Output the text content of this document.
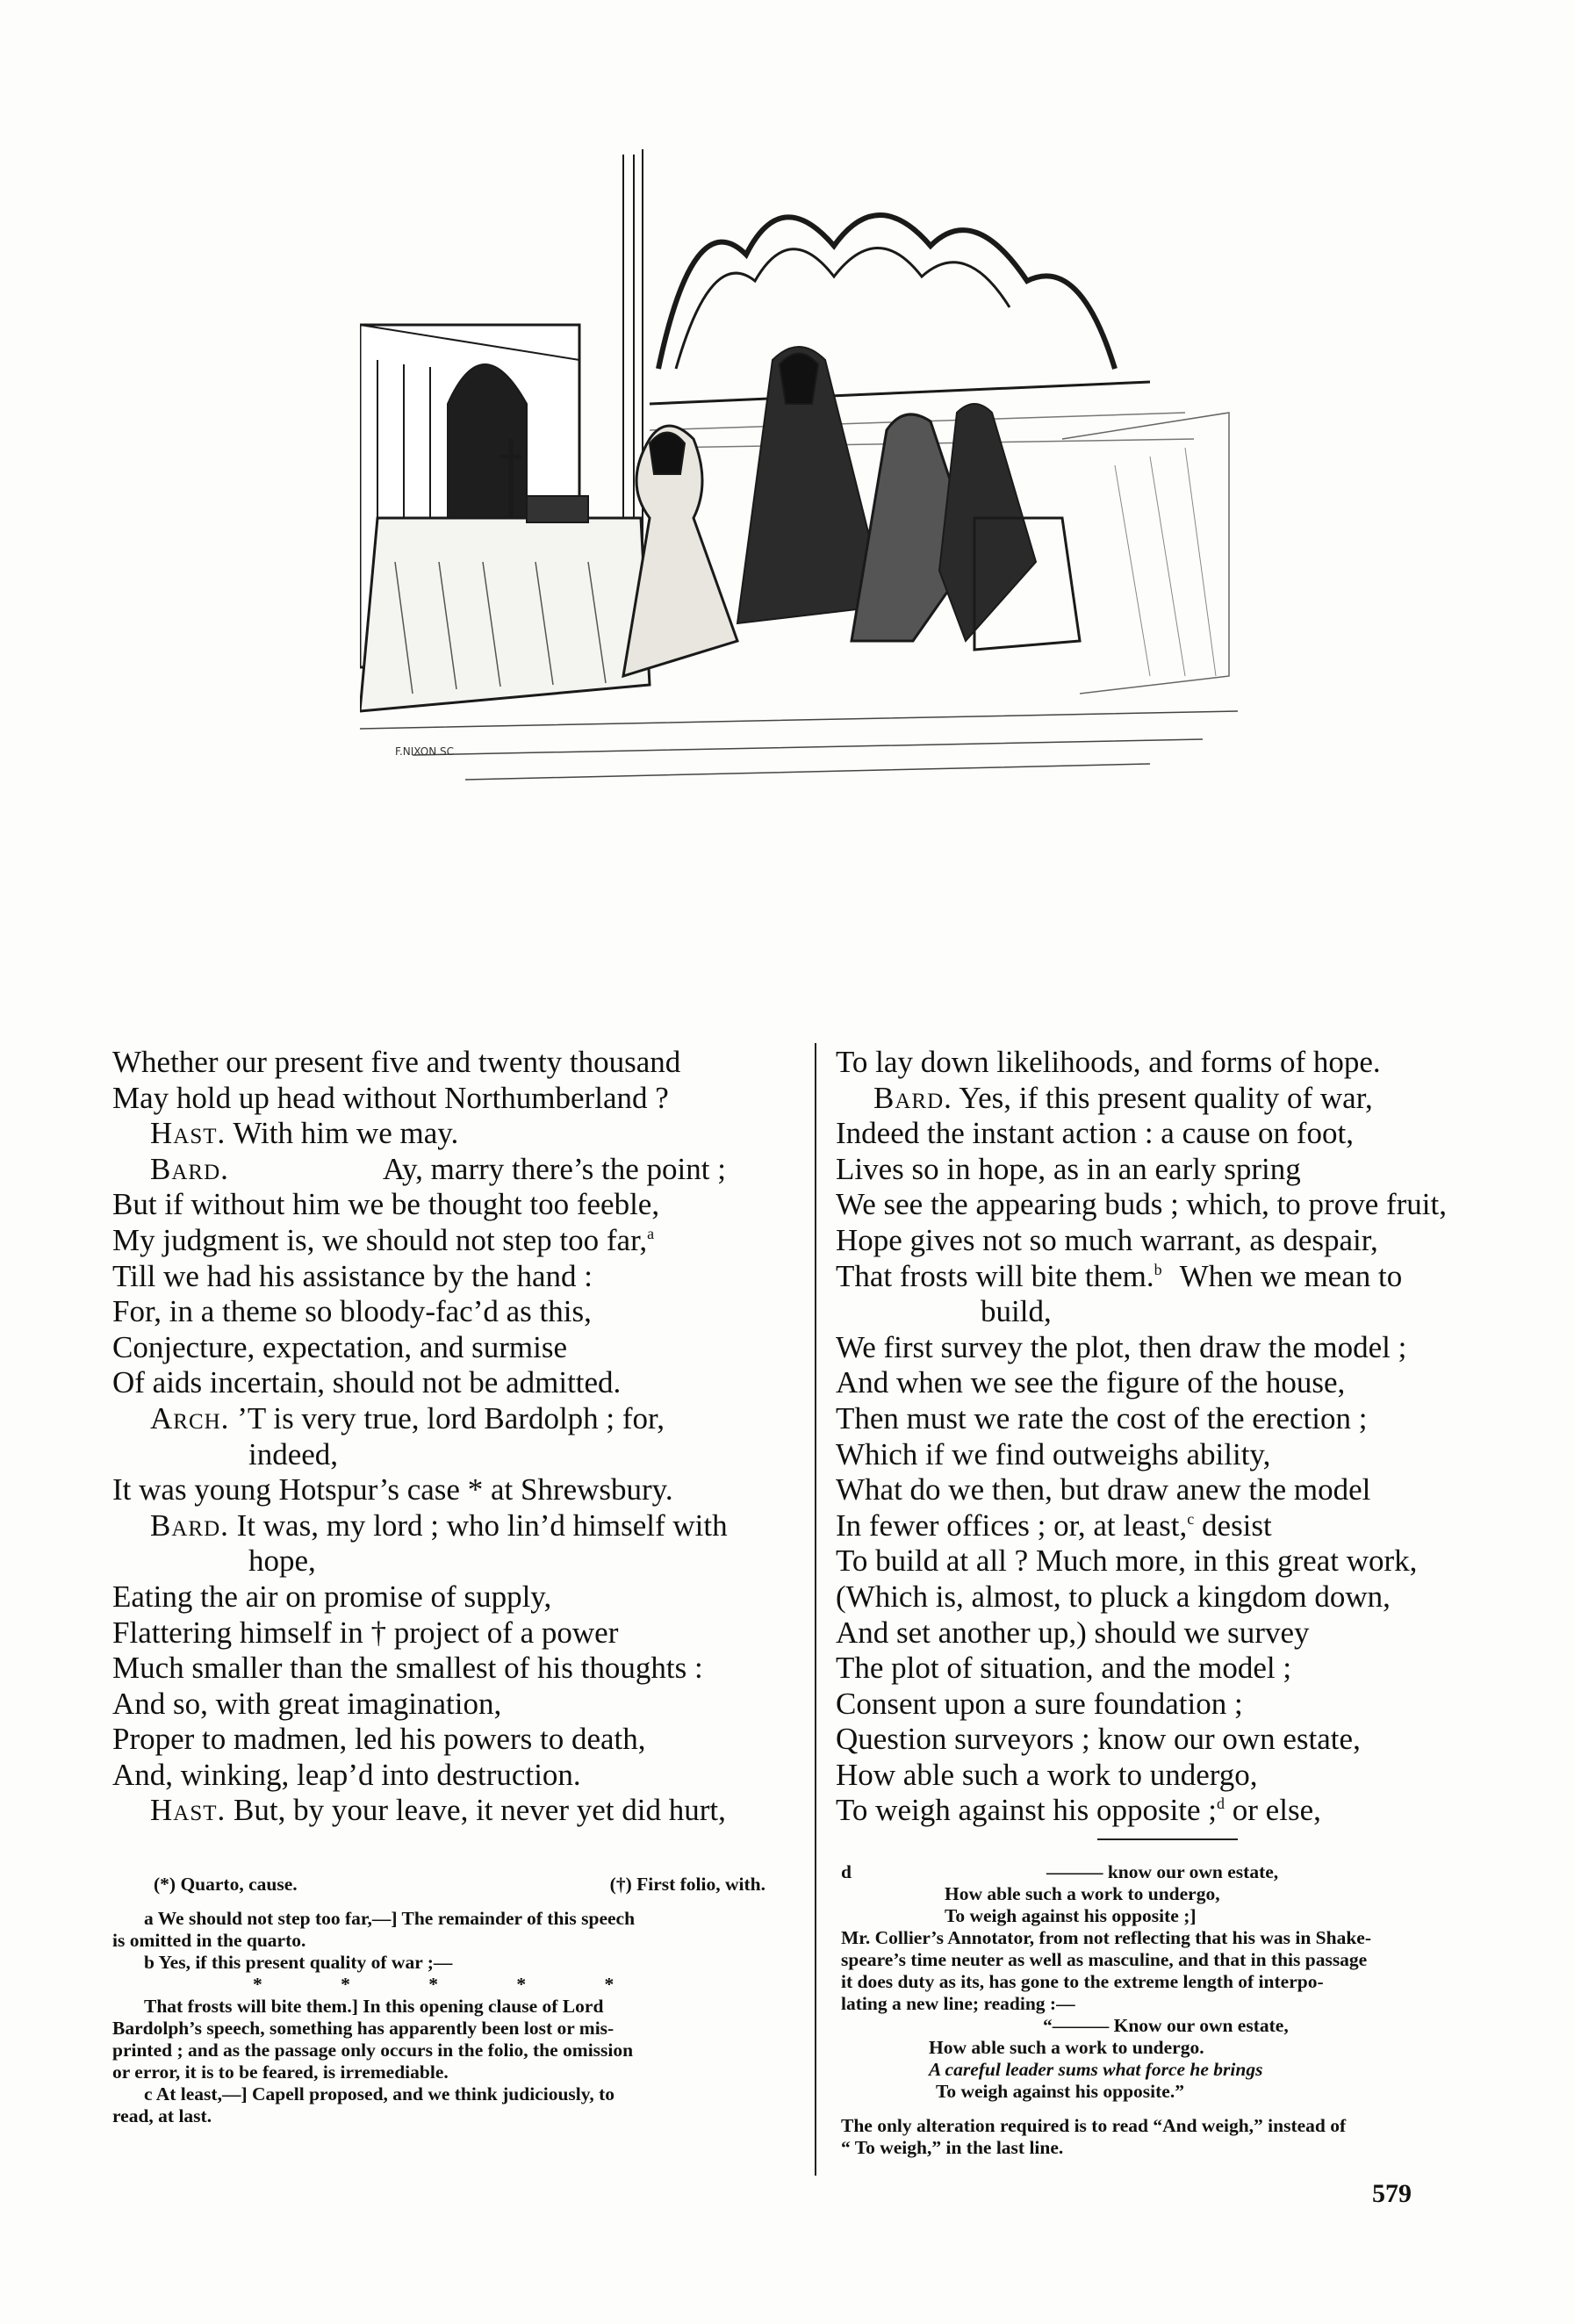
F.NIXON SC
Whether our present five and twenty thousand
May hold up head without Northumberland ?
Hast. With him we may.
Bard.	Ay, marry there’s the point ;
But if without him we be thought too feeble,
My judgment is, we should not step too far,$^a$
Till we had his assistance by the hand :
For, in a theme so bloody-fac’d as this,
Conjecture, expectation, and surmise
Of aids incertain, should not be admitted.
Arch. ’T is very true, lord Bardolph ; for,
indeed,
It was young Hotspur’s case * at Shrewsbury.
Bard. It was, my lord ; who lin’d himself with
hope,
Eating the air on promise of supply,
Flattering himself in † project of a power
Much smaller than the smallest of his thoughts :
And so, with great imagination,
Proper to madmen, led his powers to death,
And, winking, leap’d into destruction.
Hast. But, by your leave, it never yet did hurt,
To lay down likelihoods, and forms of hope.
Bard. Yes, if this present quality of war,
Indeed the instant action : a cause on foot,
Lives so in hope, as in an early spring
We see the appearing buds ; which, to prove fruit,
Hope gives not so much warrant, as despair,
That frosts will bite them.$^b$ When we mean to
build,
We first survey the plot, then draw the model ;
And when we see the figure of the house,
Then must we rate the cost of the erection ;
Which if we find outweighs ability,
What do we then, but draw anew the model
In fewer offices ; or, at least,$^c$ desist
To build at all ? Much more, in this great work,
(Which is, almost, to pluck a kingdom down,
And set another up,) should we survey
The plot of situation, and the model ;
Consent upon a sure foundation ;
Question surveyors ; know our own estate,
How able such a work to undergo,
To weigh against his opposite ;$^d$ or else,
(*) Quarto, cause.	(†) First folio, with.
a We should not step too far,—] The remainder of this speech
is omitted in the quarto.
b Yes, if this present quality of war ;—
* * * * *
That frosts will bite them.] In this opening clause of Lord
Bardolph’s speech, something has apparently been lost or mis-
printed ; and as the passage only occurs in the folio, the omission
or error, it is to be feared, is irremediable.
c At least,—] Capell proposed, and we think judiciously, to
read, at last.
d	——— know our own estate,
How able such a work to undergo,
To weigh against his opposite ;]
Mr. Collier’s Annotator, from not reflecting that his was in Shake-
speare’s time neuter as well as masculine, and that in this passage
it does duty as its, has gone to the extreme length of interpo-
lating a new line; reading :—
“——— Know our own estate,
How able such a work to undergo.
A careful leader sums what force he brings
To weigh against his opposite.”
The only alteration required is to read “And weigh,” instead of
“ To weigh,” in the last line.
579
